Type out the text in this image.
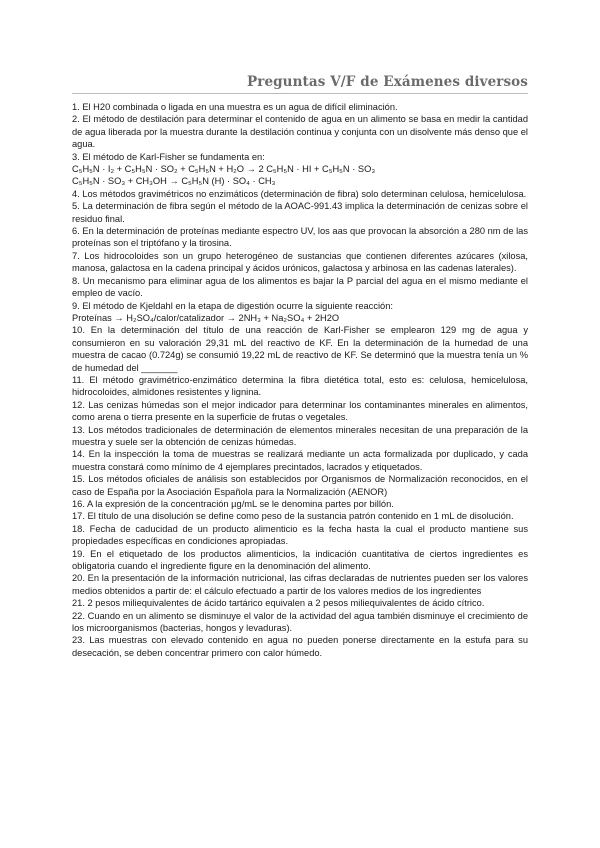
Preguntas V/F de Exámenes diversos

1. El H20 combinada o ligada en una muestra es un agua de difícil eliminación.

2. El método de destilación para determinar el contenido de agua en un alimento se basa en medir la cantidad de agua liberada por la muestra durante la destilación continua y conjunta con un disolvente más denso que el agua.

3. El método de Karl-Fisher se fundamenta en:

C₅H₅N · I₂ + C₅H₅N · SO₂ + C₅H₅N + H₂O → 2 C₅H₅N · HI + C₅H₅N · SO₃

C₅H₅N · SO₃ + CH₃OH → C₅H₅N (H) · SO₄ · CH₃

4. Los métodos gravimétricos no enzimáticos (determinación de fibra) solo determinan celulosa, hemicelulosa.

5. La determinación de fibra según el método de la AOAC-991.43 implica la determinación de cenizas sobre el residuo final.

6. En la determinación de proteínas mediante espectro UV, los aas que provocan la absorción a 280 nm de las proteínas son el triptófano y la tirosina.

7. Los hidrocoloides son un grupo heterogéneo de sustancias que contienen diferentes azúcares (xilosa, manosa, galactosa en la cadena principal y ácidos urónicos, galactosa y arbinosa en las cadenas laterales).

8. Un mecanismo para eliminar agua de los alimentos es bajar la P parcial del agua en el mismo mediante el empleo de vacío.

9. El método de Kjeldahl en la etapa de digestión ocurre la siguiente reacción:

Proteínas → H₂SO₄/calor/catalizador → 2NH₃ + Na₂SO₄ + 2H2O

10. En la determinación del título de una reacción de Karl-Fisher se emplearon 129 mg de agua y consumieron en su valoración 29,31 mL del reactivo de KF. En la determinación de la humedad de una muestra de cacao (0.724g) se consumió 19,22 mL de reactivo de KF. Se determinó que la muestra tenía un % de humedad del _______

11. El método gravimétrico-enzimático determina la fibra dietética total, esto es: celulosa, hemicelulosa, hidrocoloides, almidones resistentes y lignina.

12. Las cenizas húmedas son el mejor indicador para determinar los contaminantes minerales en alimentos, como arena o tierra presente en la superficie de frutas o vegetales.

13. Los métodos tradicionales de determinación de elementos minerales necesitan de una preparación de la muestra y suele ser la obtención de cenizas húmedas.

14. En la inspección la toma de muestras se realizará mediante un acta formalizada por duplicado, y cada muestra constará como mínimo de 4 ejemplares precintados, lacrados y etiquetados.

15. Los métodos oficiales de análisis son establecidos por Organismos de Normalización reconocidos, en el caso de España por la Asociación Española para la Normalización (AENOR)

16. A la expresión de la concentración µg/mL se le denomina partes por billón.

17. El título de una disolución se define como peso de la sustancia patrón contenido en 1 mL de disolución.

18. Fecha de caducidad de un producto alimenticio es la fecha hasta la cual el producto mantiene sus propiedades específicas en condiciones apropiadas.

19. En el etiquetado de los productos alimenticios, la indicación cuantitativa de ciertos ingredientes es obligatoria cuando el ingrediente figure en la denominación del alimento.

20. En la presentación de la información nutricional, las cifras declaradas de nutrientes pueden ser los valores medios obtenidos a partir de: el cálculo efectuado a partir de los valores medios de los ingredientes

21. 2 pesos miliequivalentes de ácido tartárico equivalen a 2 pesos miliequivalentes de ácido cítrico.

22. Cuando en un alimento se disminuye el valor de la actividad del agua también disminuye el crecimiento de los microorganismos (bacterias, hongos y levaduras).

23. Las muestras con elevado contenido en agua no pueden ponerse directamente en la estufa para su desecación, se deben concentrar primero con calor húmedo.
